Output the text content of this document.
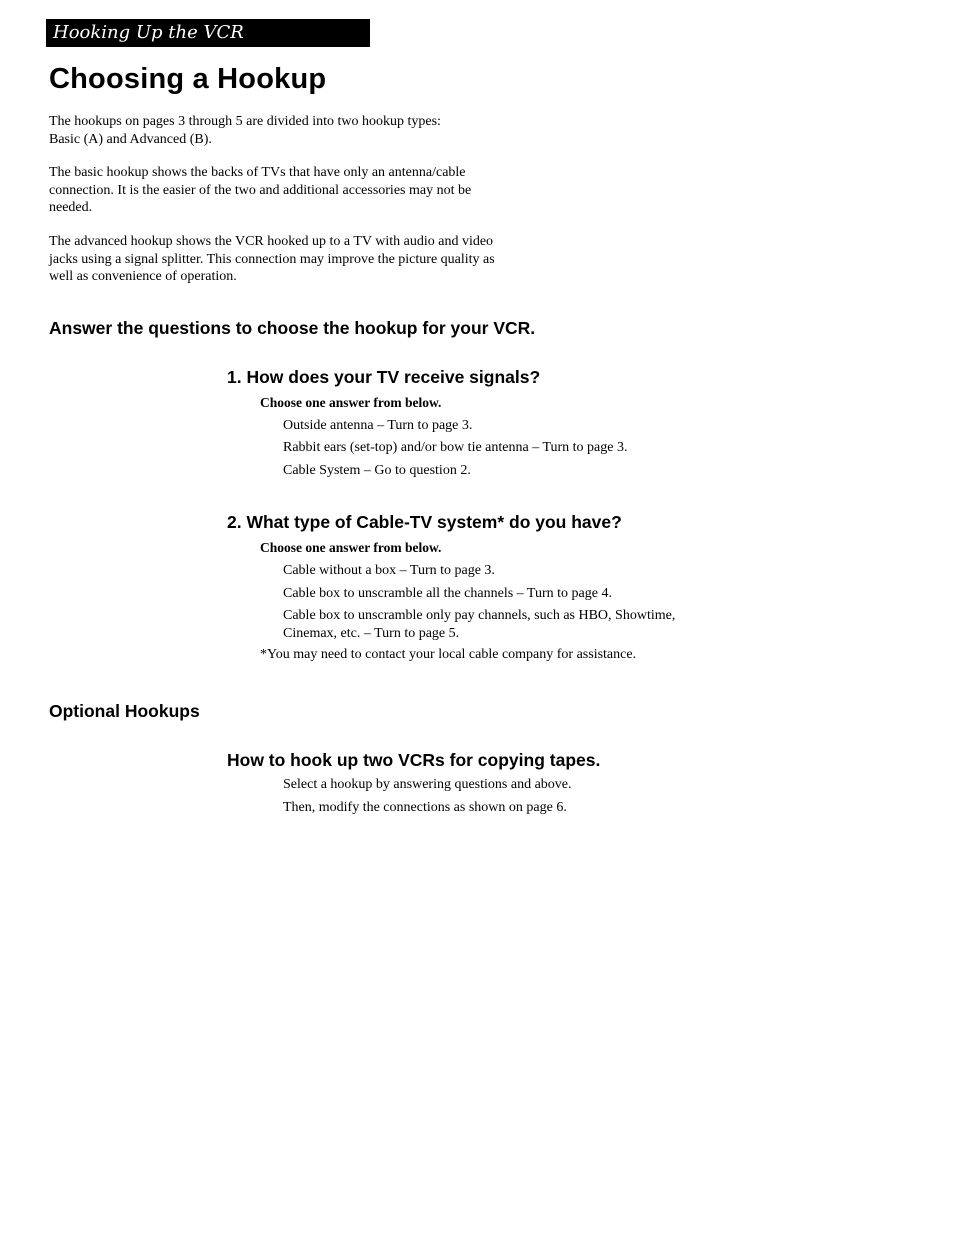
Hooking Up the VCR
Choosing a Hookup

The hookups on pages 3 through 5 are divided into two hookup types:
Basic (A) and Advanced (B).

The basic hookup shows the backs of TVs that have only an antenna/cable
connection. It is the easier of the two and additional accessories may not be
needed.

The advanced hookup shows the VCR hooked up to a TV with audio and video
jacks using a signal splitter. This connection may improve the picture quality as
well as convenience of operation.

Answer the questions to choose the hookup for your VCR.
1. How does your TV receive signals?

Choose one answer from below.

Outside antenna – Turn to page 3.

Rabbit ears (set-top) and/or bow tie antenna – Turn to page 3.

Cable System – Go to question 2.

2. What type of Cable-TV system* do you have?

Choose one answer from below.

Cable without a box – Turn to page 3.

Cable box to unscramble all the channels – Turn to page 4.

Cable box to unscramble only pay channels, such as HBO, Showtime,
Cinemax, etc. – Turn to page 5.

*You may need to contact your local cable company for assistance.

Optional Hookups
How to hook up two VCRs for copying tapes.

Select a hookup by answering questions and above.

Then, modify the connections as shown on page 6.
